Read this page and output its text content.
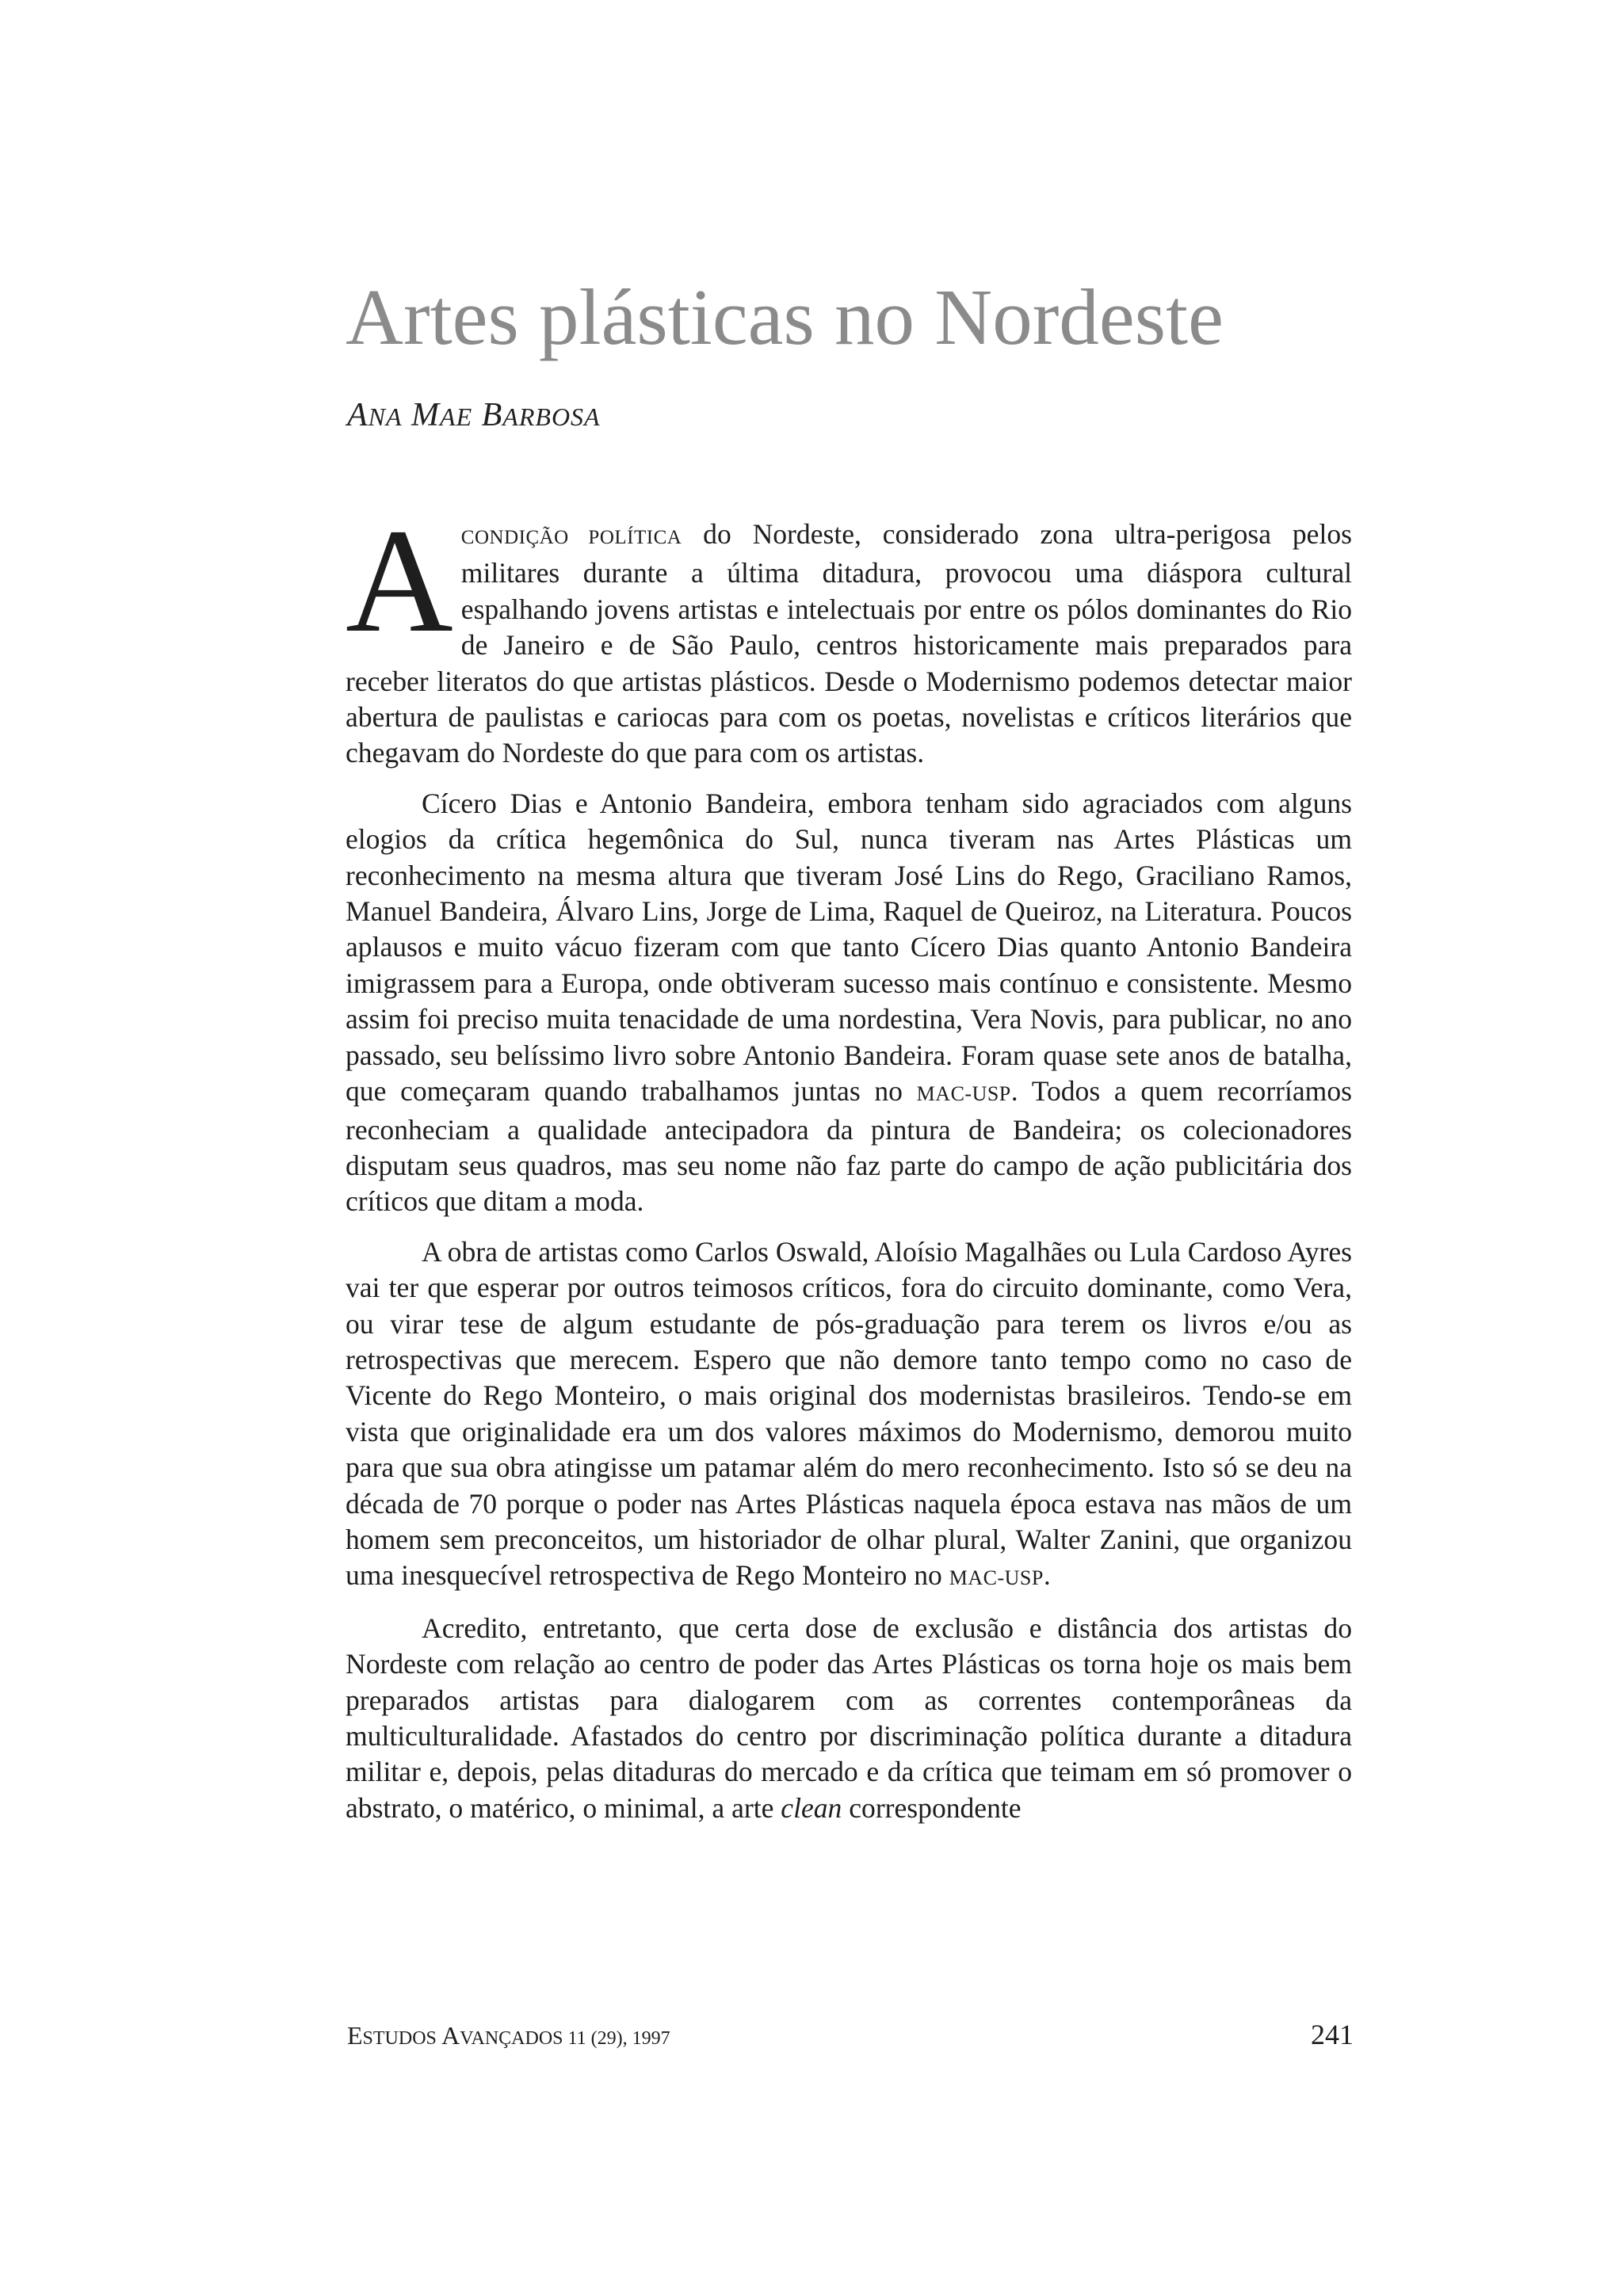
Artes plásticas no Nordeste
ANA MAE BARBOSA

ACONDIÇÃO POLÍTICA do Nordeste, considerado zona ultra-perigosa pelos militares durante a última ditadura, provocou uma diáspora cultural espalhando jovens artistas e intelectuais por entre os pólos dominantes do Rio de Janeiro e de São Paulo, centros historicamente mais preparados para receber literatos do que artistas plásticos. Desde o Modernismo podemos detectar maior abertura de paulistas e cariocas para com os poetas, novelistas e críticos literários que chegavam do Nordeste do que para com os artistas.

Cícero Dias e Antonio Bandeira, embora tenham sido agraciados com alguns elogios da crítica hegemônica do Sul, nunca tiveram nas Artes Plásticas um reconhecimento na mesma altura que tiveram José Lins do Rego, Graciliano Ramos, Manuel Bandeira, Álvaro Lins, Jorge de Lima, Raquel de Queiroz, na Literatura. Poucos aplausos e muito vácuo fizeram com que tanto Cícero Dias quanto Antonio Bandeira imigrassem para a Europa, onde obtiveram sucesso mais contínuo e consistente. Mesmo assim foi preciso muita tenacidade de uma nordestina, Vera Novis, para publicar, no ano passado, seu belíssimo livro sobre Antonio Bandeira. Foram quase sete anos de batalha, que começaram quando trabalhamos juntas no MAC-USP. Todos a quem recorríamos reconheciam a qualidade antecipadora da pintura de Bandeira; os colecionadores disputam seus quadros, mas seu nome não faz parte do campo de ação publicitária dos críticos que ditam a moda.

A obra de artistas como Carlos Oswald, Aloísio Magalhães ou Lula Cardoso Ayres vai ter que esperar por outros teimosos críticos, fora do circuito dominante, como Vera, ou virar tese de algum estudante de pós-graduação para terem os livros e/ou as retrospectivas que merecem. Espero que não demore tanto tempo como no caso de Vicente do Rego Monteiro, o mais original dos modernistas brasileiros. Tendo-se em vista que originalidade era um dos valores máximos do Modernismo, demorou muito para que sua obra atingisse um patamar além do mero reconhecimento. Isto só se deu na década de 70 porque o poder nas Artes Plásticas naquela época estava nas mãos de um homem sem preconceitos, um historiador de olhar plural, Walter Zanini, que organizou uma inesquecível retrospectiva de Rego Monteiro no MAC-USP.

Acredito, entretanto, que certa dose de exclusão e distância dos artistas do Nordeste com relação ao centro de poder das Artes Plásticas os torna hoje os mais bem preparados artistas para dialogarem com as correntes contemporâneas da multiculturalidade. Afastados do centro por discriminação política durante a ditadura militar e, depois, pelas ditaduras do mercado e da crítica que teimam em só promover o abstrato, o matérico, o minimal, a arte clean correspondente

ESTUDOS AVANÇADOS 11 (29), 1997	241
